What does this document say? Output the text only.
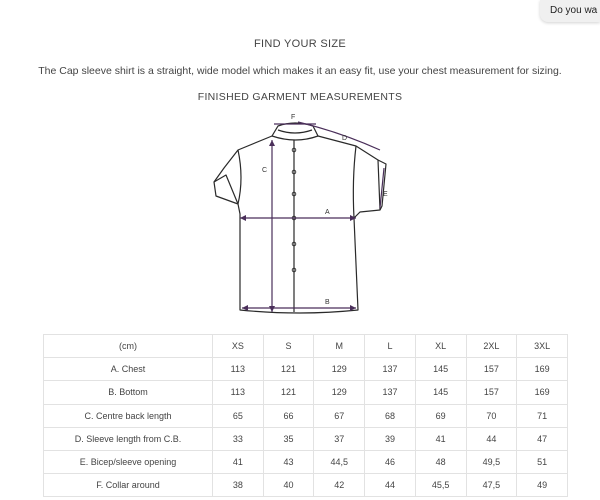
Do you wa
FIND YOUR SIZE
The Cap sleeve shirt is a straight, wide model which makes it an easy fit, use your chest measurement for sizing.
FINISHED GARMENT MEASUREMENTS
F
D
C
E
A
B
(cm)	XS	S	M	L	XL	2XL	3XL
A. Chest	113	121	129	137	145	157	169
B. Bottom	113	121	129	137	145	157	169
C. Centre back length	65	66	67	68	69	70	71
D. Sleeve length from C.B.	33	35	37	39	41	44	47
E. Bicep/sleeve opening	41	43	44,5	46	48	49,5	51
F. Collar around	38	40	42	44	45,5	47,5	49
